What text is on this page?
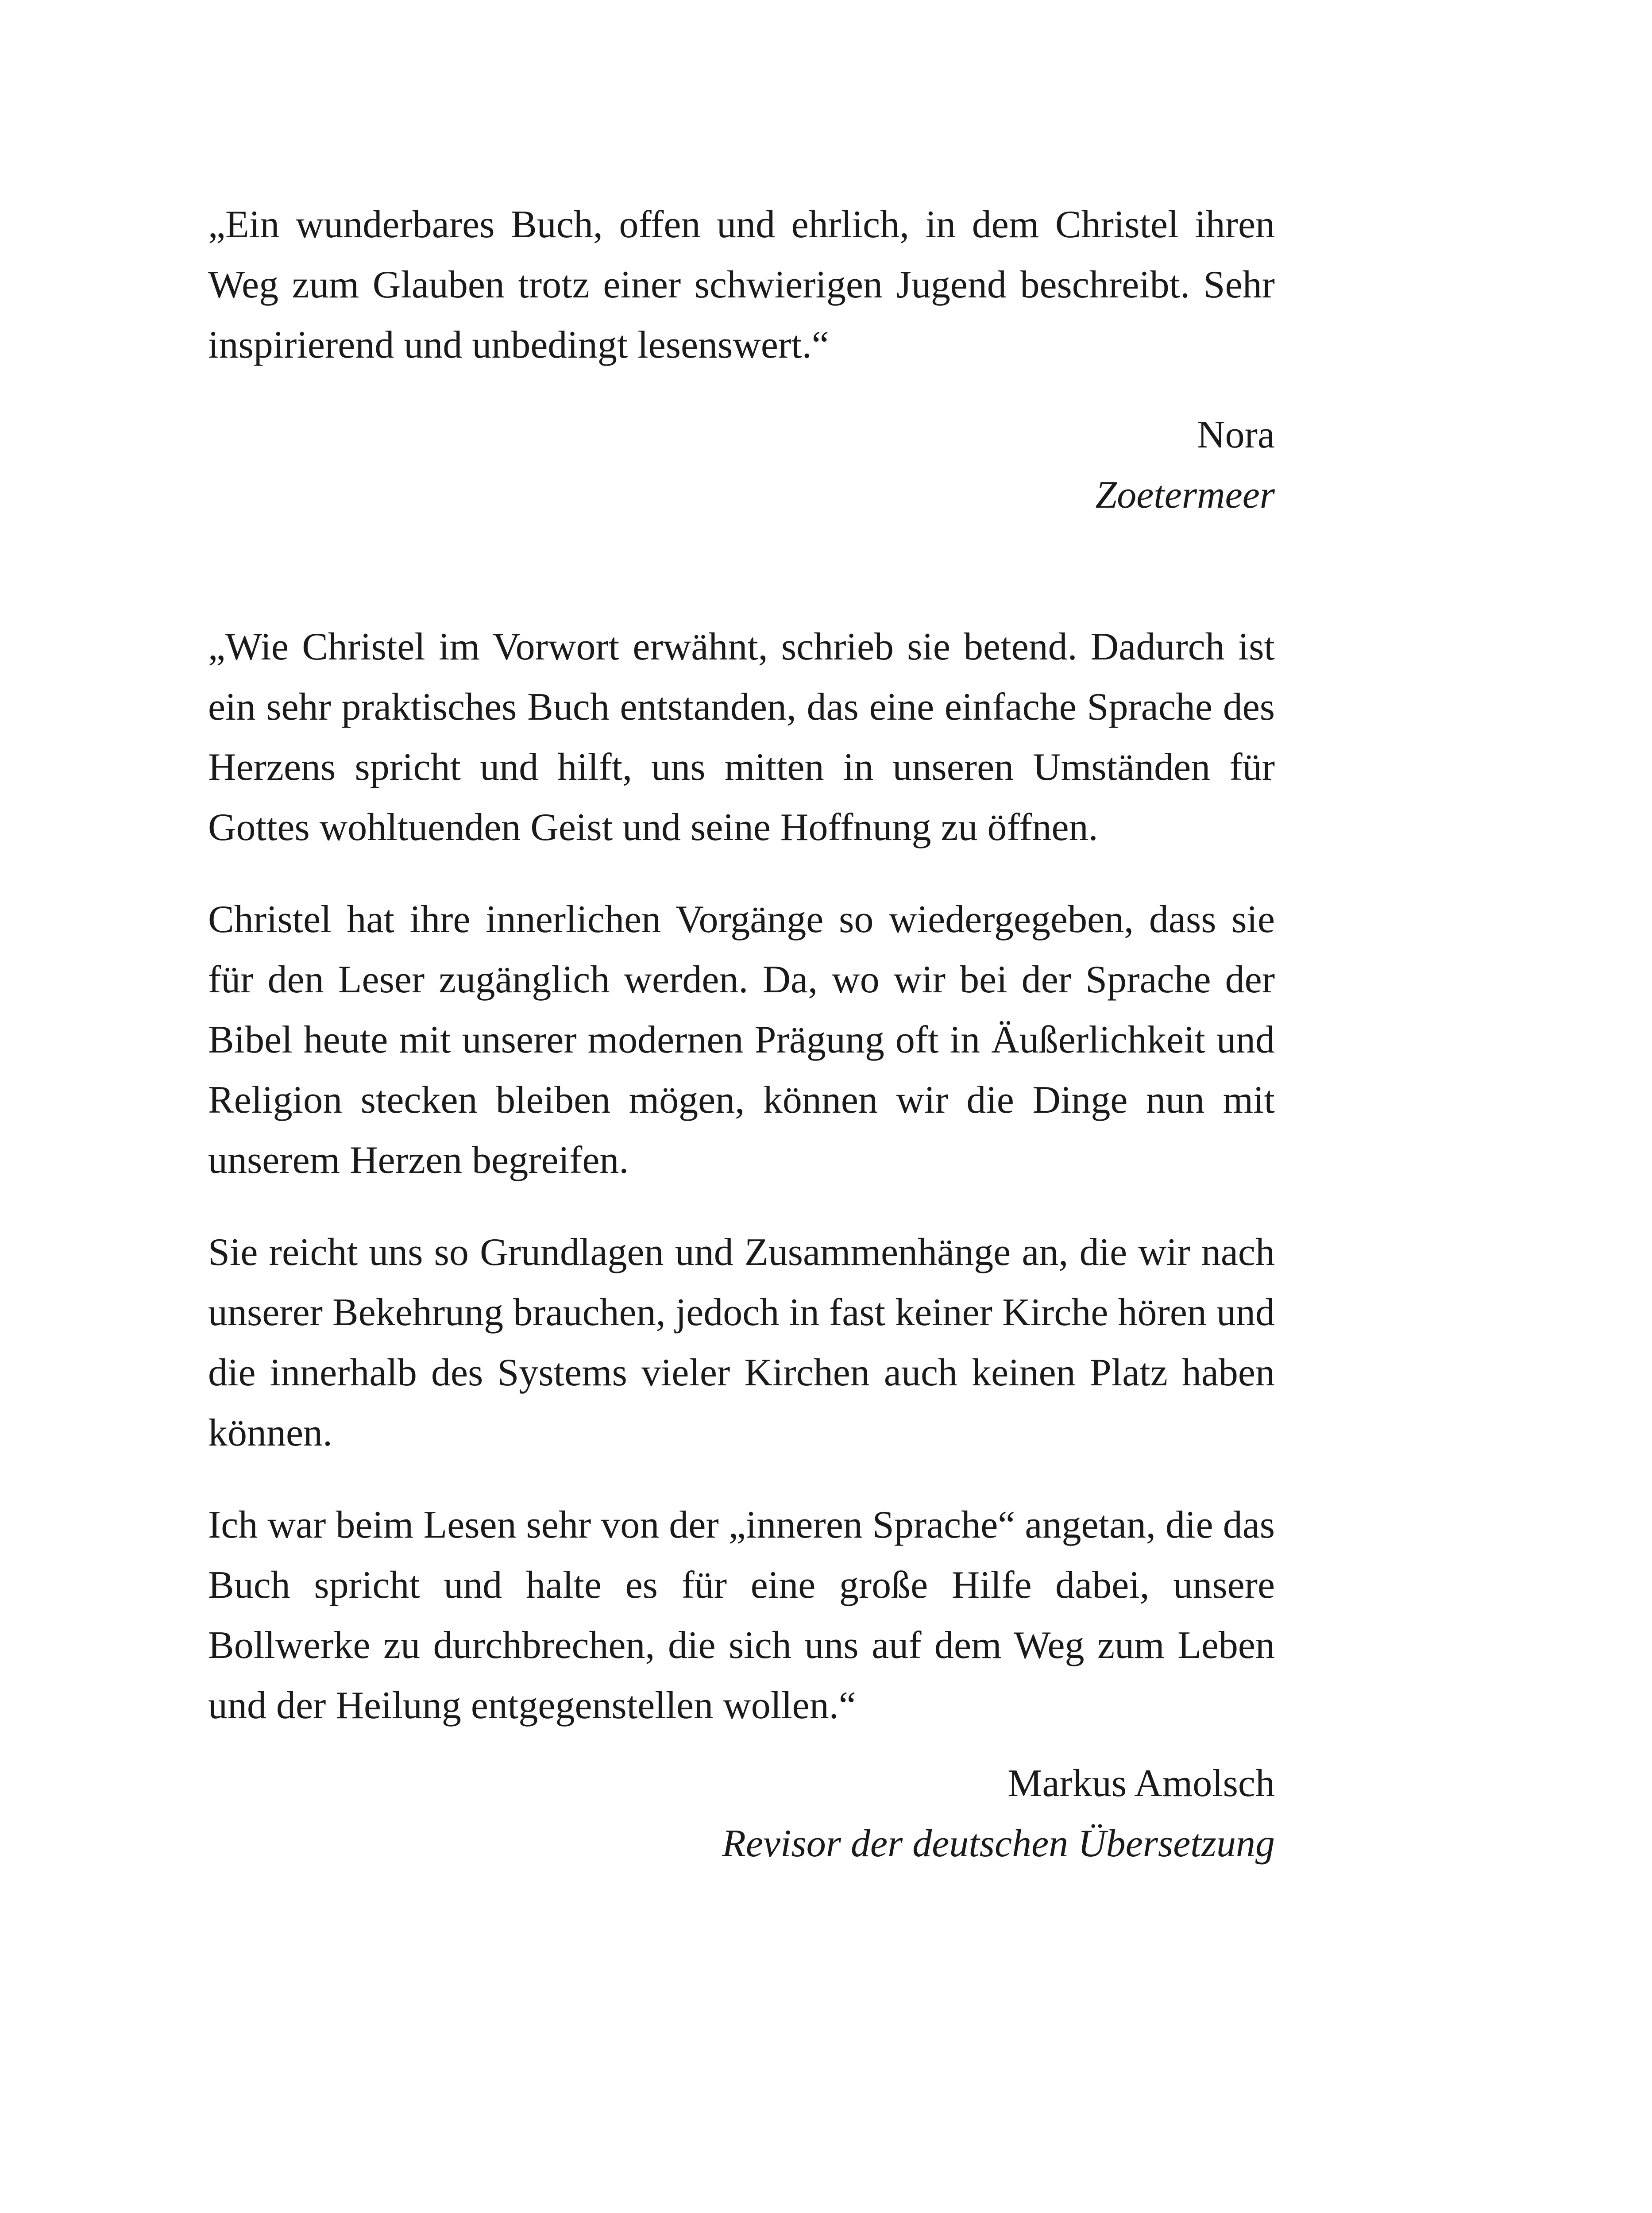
„Ein wunderbares Buch, offen und ehrlich, in dem Christel ihren Weg zum Glauben trotz einer schwierigen Jugend beschreibt. Sehr inspirierend und unbedingt lesenswert.“

Nora
Zoetermeer

„Wie Christel im Vorwort erwähnt, schrieb sie betend. Dadurch ist ein sehr praktisches Buch entstanden, das eine einfache Sprache des Herzens spricht und hilft, uns mitten in unseren Umständen für Gottes wohltuenden Geist und seine Hoffnung zu öffnen.

Christel hat ihre innerlichen Vorgänge so wiedergegeben, dass sie für den Leser zugänglich werden. Da, wo wir bei der Sprache der Bibel heute mit unserer modernen Prägung oft in Äußerlichkeit und Religion stecken bleiben mögen, können wir die Dinge nun mit unserem Herzen begreifen.

Sie reicht uns so Grundlagen und Zusammenhänge an, die wir nach unserer Bekehrung brauchen, jedoch in fast keiner Kirche hören und die innerhalb des Systems vieler Kirchen auch keinen Platz haben können.

Ich war beim Lesen sehr von der „inneren Sprache“ angetan, die das Buch spricht und halte es für eine große Hilfe dabei, unsere Bollwerke zu durchbrechen, die sich uns auf dem Weg zum Leben und der Heilung entgegenstellen wollen.“

Markus Amolsch
Revisor der deutschen Übersetzung
